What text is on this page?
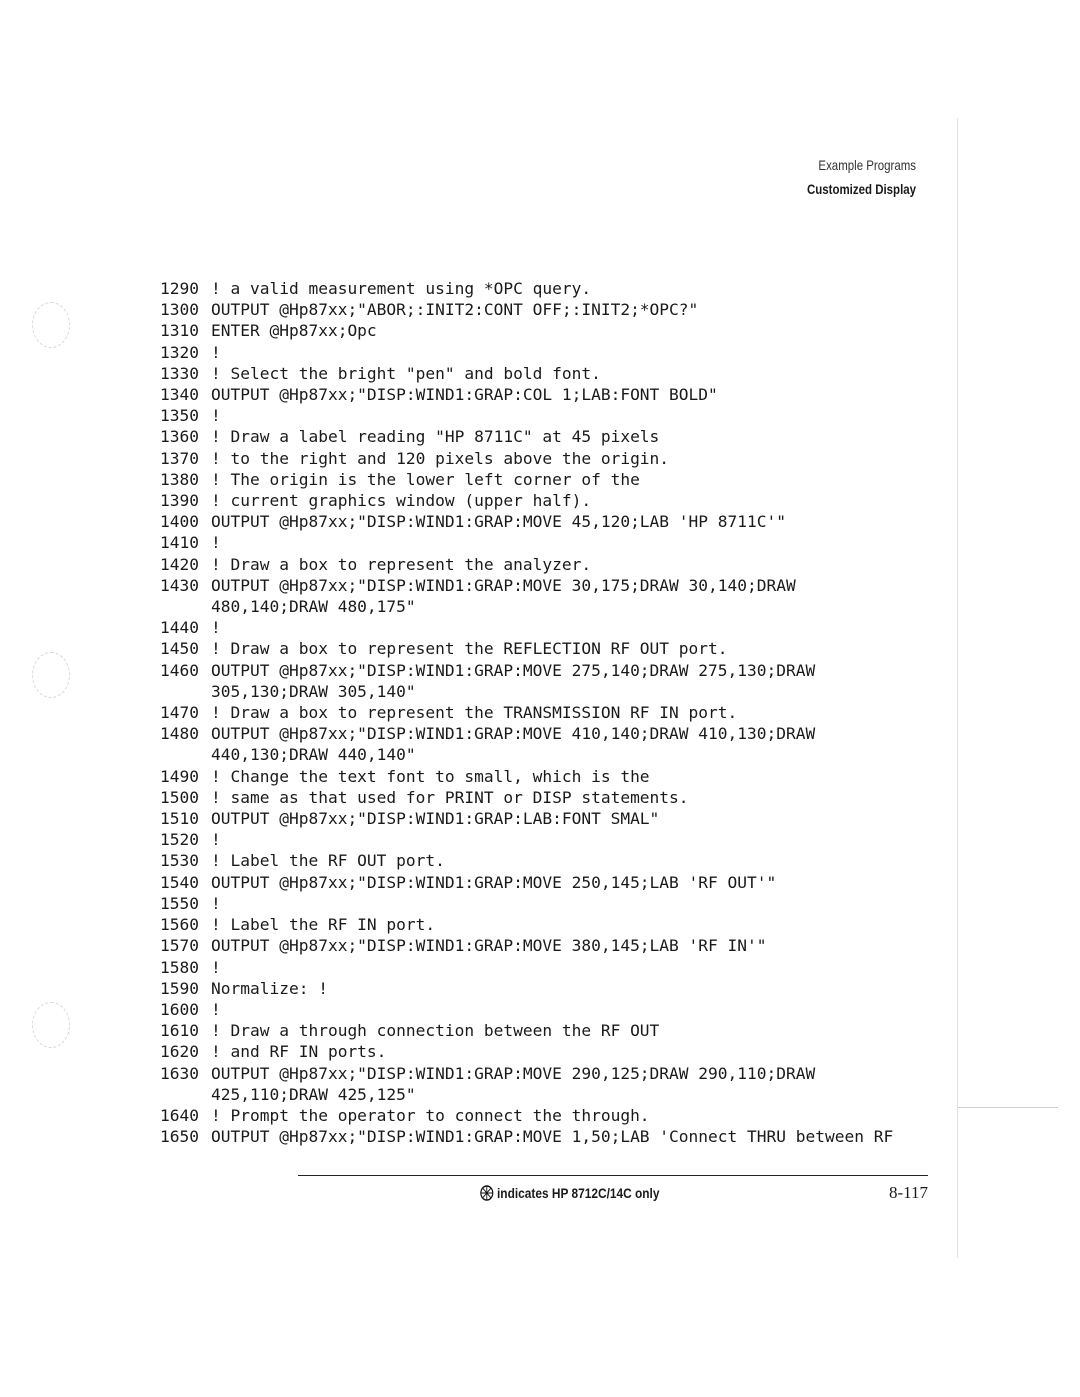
Example Programs
Customized Display
1290 ! a valid measurement using *OPC query.
1300 OUTPUT @Hp87xx;"ABOR;:INIT2:CONT OFF;:INIT2;*OPC?"
1310 ENTER @Hp87xx;Opc
1320 !
1330 ! Select the bright "pen" and bold font.
1340 OUTPUT @Hp87xx;"DISP:WIND1:GRAP:COL 1;LAB:FONT BOLD"
1350 !
1360 ! Draw a label reading "HP 8711C" at 45 pixels
1370 ! to the right and 120 pixels above the origin.
1380 ! The origin is the lower left corner of the
1390 ! current graphics window (upper half).
1400 OUTPUT @Hp87xx;"DISP:WIND1:GRAP:MOVE 45,120;LAB 'HP 8711C'"
1410 !
1420 ! Draw a box to represent the analyzer.
1430 OUTPUT @Hp87xx;"DISP:WIND1:GRAP:MOVE 30,175;DRAW 30,140;DRAW
480,140;DRAW 480,175"
1440 !
1450 ! Draw a box to represent the REFLECTION RF OUT port.
1460 OUTPUT @Hp87xx;"DISP:WIND1:GRAP:MOVE 275,140;DRAW 275,130;DRAW
305,130;DRAW 305,140"
1470 ! Draw a box to represent the TRANSMISSION RF IN port.
1480 OUTPUT @Hp87xx;"DISP:WIND1:GRAP:MOVE 410,140;DRAW 410,130;DRAW
440,130;DRAW 440,140"
1490 ! Change the text font to small, which is the
1500 ! same as that used for PRINT or DISP statements.
1510 OUTPUT @Hp87xx;"DISP:WIND1:GRAP:LAB:FONT SMAL"
1520 !
1530 ! Label the RF OUT port.
1540 OUTPUT @Hp87xx;"DISP:WIND1:GRAP:MOVE 250,145;LAB 'RF OUT'"
1550 !
1560 ! Label the RF IN port.
1570 OUTPUT @Hp87xx;"DISP:WIND1:GRAP:MOVE 380,145;LAB 'RF IN'"
1580 !
1590 Normalize: !
1600 !
1610 ! Draw a through connection between the RF OUT
1620 ! and RF IN ports.
1630 OUTPUT @Hp87xx;"DISP:WIND1:GRAP:MOVE 290,125;DRAW 290,110;DRAW
425,110;DRAW 425,125"
1640 ! Prompt the operator to connect the through.
1650 OUTPUT @Hp87xx;"DISP:WIND1:GRAP:MOVE 1,50;LAB 'Connect THRU between RF
indicates HP 8712C/14C only	8-117
